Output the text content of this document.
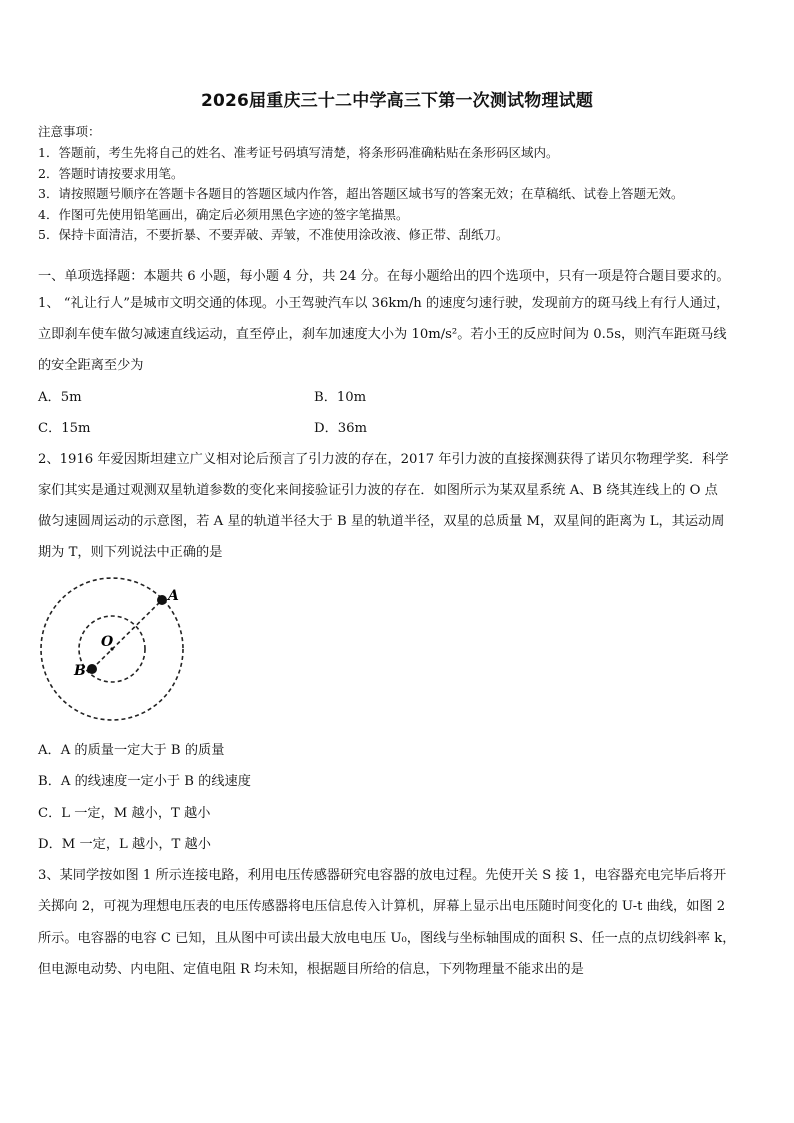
2026届重庆三十二中学高三下第一次测试物理试题
注意事项：
1．答题前，考生先将自己的姓名、准考证号码填写清楚，将条形码准确粘贴在条形码区域内。
2．答题时请按要求用笔。
3．请按照题号顺序在答题卡各题目的答题区域内作答，超出答题区域书写的答案无效；在草稿纸、试卷上答题无效。
4．作图可先使用铅笔画出，确定后必须用黑色字迹的签字笔描黑。
5．保持卡面清洁，不要折暴、不要弄破、弄皱，不准使用涂改液、修正带、刮纸刀。
一、单项选择题：本题共 6 小题，每小题 4 分，共 24 分。在每小题给出的四个选项中，只有一项是符合题目要求的。
1、 “礼让行人”是城市文明交通的体现。小王驾驶汽车以 36km/h 的速度匀速行驶，发现前方的斑马线上有行人通过，
立即刹车使车做匀减速直线运动，直至停止，刹车加速度大小为 10m/s²。若小王的反应时间为 0.5s，则汽车距斑马线
的安全距离至少为
A．5m	B．10m
C．15m	D．36m
2、1916 年爱因斯坦建立广义相对论后预言了引力波的存在，2017 年引力波的直接探测获得了诺贝尔物理学奖．科学
家们其实是通过观测双星轨道参数的变化来间接验证引力波的存在．如图所示为某双星系统 A、B 绕其连线上的 O 点
做匀速圆周运动的示意图，若 A 星的轨道半径大于 B 星的轨道半径，双星的总质量 M，双星间的距离为 L，其运动周
期为 T，则下列说法中正确的是
A
O
B
A．A 的质量一定大于 B 的质量
B．A 的线速度一定小于 B 的线速度
C．L 一定，M 越小，T 越小
D．M 一定，L 越小，T 越小
3、某同学按如图 1 所示连接电路，利用电压传感器研究电容器的放电过程。先使开关 S 接 1，电容器充电完毕后将开
关掷向 2，可视为理想电压表的电压传感器将电压信息传入计算机，屏幕上显示出电压随时间变化的 U-t 曲线，如图 2
所示。电容器的电容 C 已知，且从图中可读出最大放电电压 U₀，图线与坐标轴围成的面积 S、任一点的点切线斜率 k，
但电源电动势、内电阻、定值电阻 R 均未知，根据题目所给的信息，下列物理量不能求出的是
